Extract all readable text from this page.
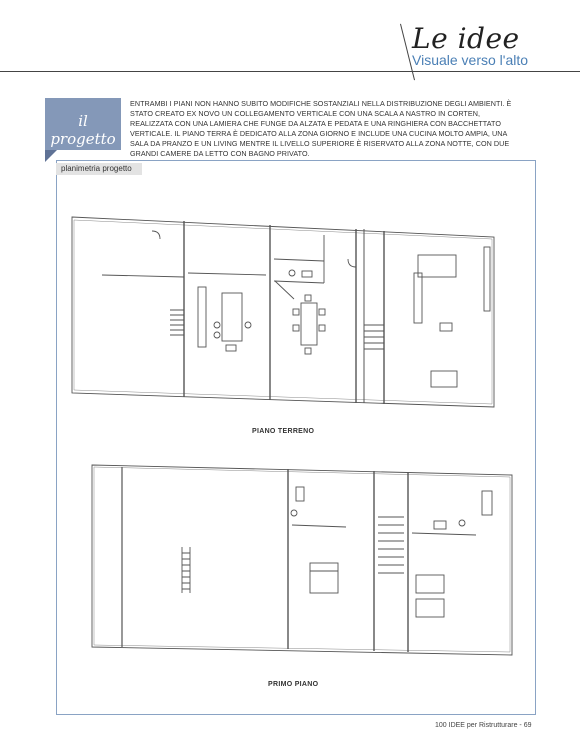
Le idee
Visuale verso l'alto
il progetto
ENTRAMBI I PIANI NON HANNO SUBITO MODIFICHE SOSTANZIALI NELLA DISTRIBUZIONE DEGLI AMBIENTI. È STATO CREATO EX NOVO UN COLLEGAMENTO VERTICALE CON UNA SCALA A NASTRO IN CORTEN, REALIZZATA CON UNA LAMIERA CHE FUNGE DA ALZATA E PEDATA E UNA RINGHIERA CON BACCHETTATO VERTICALE. IL PIANO TERRA È DEDICATO ALLA ZONA GIORNO E INCLUDE UNA CUCINA MOLTO AMPIA, UNA SALA DA PRANZO E UN LIVING MENTRE IL LIVELLO SUPERIORE È RISERVATO ALLA ZONA NOTTE, CON DUE GRANDI CAMERE DA LETTO CON BAGNO PRIVATO.
planimetria progetto
PIANO TERRENO
PRIMO PIANO
100 IDEE per Ristrutturare - 69
